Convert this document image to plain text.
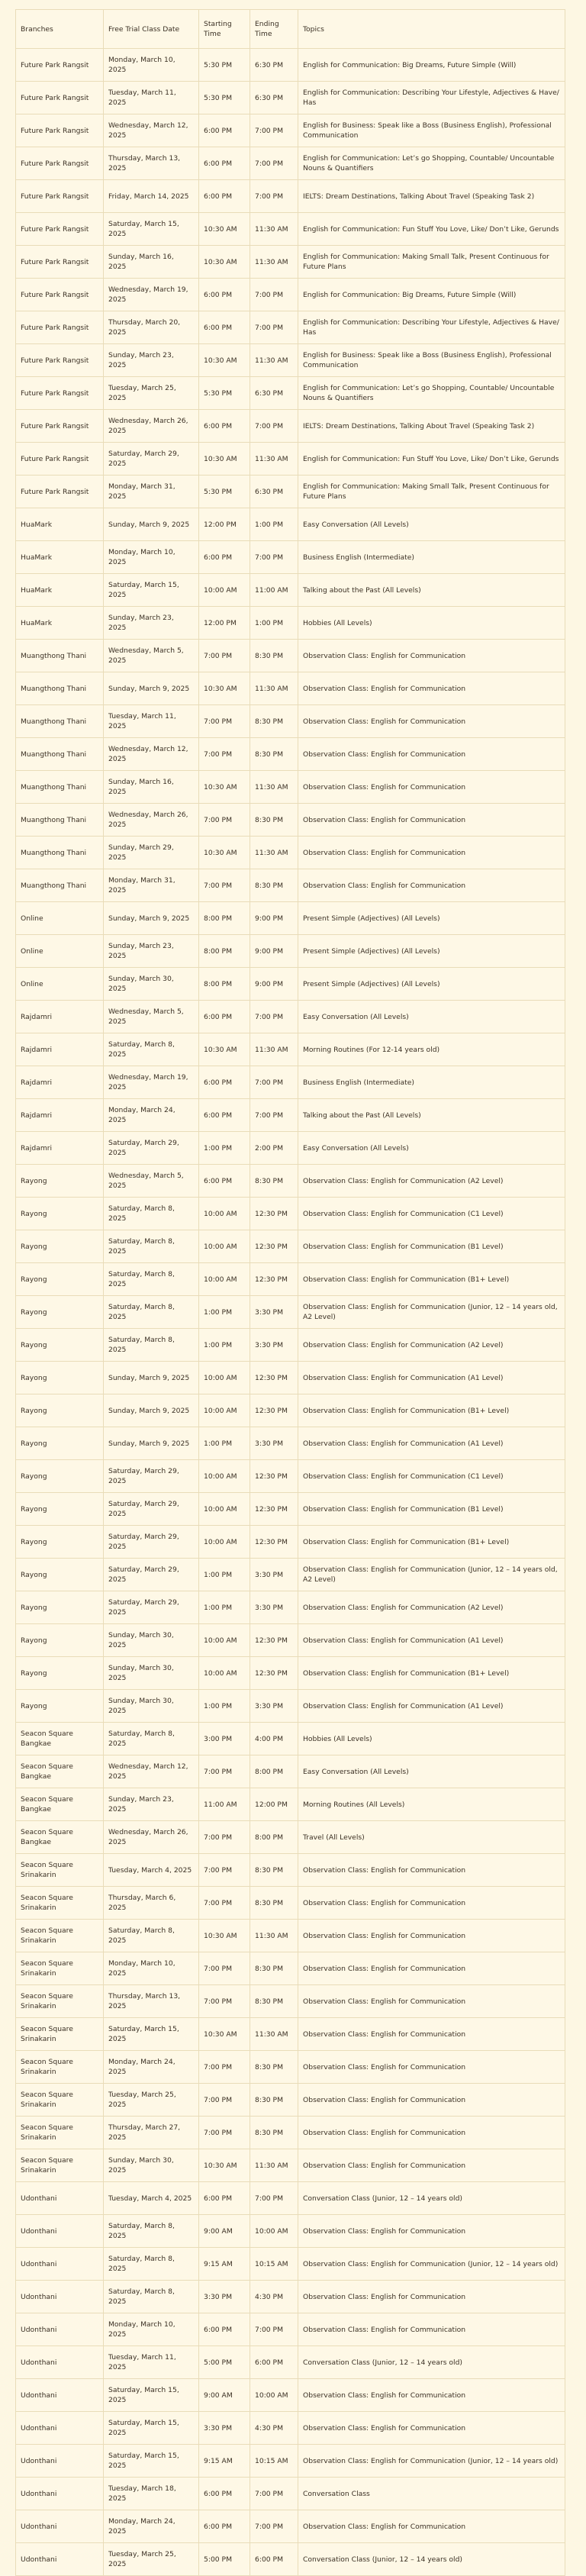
Branches	Free Trial Class Date	Starting Time	Ending Time	Topics
Future Park Rangsit	Monday, March 10, 2025	5:30 PM	6:30 PM	English for Communication: Big Dreams, Future Simple (Will)
Future Park Rangsit	Tuesday, March 11, 2025	5:30 PM	6:30 PM	English for Communication: Describing Your Lifestyle, Adjectives & Have/ Has
Future Park Rangsit	Wednesday, March 12, 2025	6:00 PM	7:00 PM	English for Business: Speak like a Boss (Business English), Professional Communication
Future Park Rangsit	Thursday, March 13, 2025	6:00 PM	7:00 PM	English for Communication: Let’s go Shopping, Countable/ Uncountable Nouns & Quantifiers
Future Park Rangsit	Friday, March 14, 2025	6:00 PM	7:00 PM	IELTS: Dream Destinations, Talking About Travel (Speaking Task 2)
Future Park Rangsit	Saturday, March 15, 2025	10:30 AM	11:30 AM	English for Communication: Fun Stuff You Love, Like/ Don’t Like, Gerunds
Future Park Rangsit	Sunday, March 16, 2025	10:30 AM	11:30 AM	English for Communication: Making Small Talk, Present Continuous for Future Plans
Future Park Rangsit	Wednesday, March 19, 2025	6:00 PM	7:00 PM	English for Communication: Big Dreams, Future Simple (Will)
Future Park Rangsit	Thursday, March 20, 2025	6:00 PM	7:00 PM	English for Communication: Describing Your Lifestyle, Adjectives & Have/ Has
Future Park Rangsit	Sunday, March 23, 2025	10:30 AM	11:30 AM	English for Business: Speak like a Boss (Business English), Professional Communication
Future Park Rangsit	Tuesday, March 25, 2025	5:30 PM	6:30 PM	English for Communication: Let’s go Shopping, Countable/ Uncountable Nouns & Quantifiers
Future Park Rangsit	Wednesday, March 26, 2025	6:00 PM	7:00 PM	IELTS: Dream Destinations, Talking About Travel (Speaking Task 2)
Future Park Rangsit	Saturday, March 29, 2025	10:30 AM	11:30 AM	English for Communication: Fun Stuff You Love, Like/ Don’t Like, Gerunds
Future Park Rangsit	Monday, March 31, 2025	5:30 PM	6:30 PM	English for Communication: Making Small Talk, Present Continuous for Future Plans
HuaMark	Sunday, March 9, 2025	12:00 PM	1:00 PM	Easy Conversation (All Levels)
HuaMark	Monday, March 10, 2025	6:00 PM	7:00 PM	Business English (Intermediate)
HuaMark	Saturday, March 15, 2025	10:00 AM	11:00 AM	Talking about the Past (All Levels)
HuaMark	Sunday, March 23, 2025	12:00 PM	1:00 PM	Hobbies (All Levels)
Muangthong Thani	Wednesday, March 5, 2025	7:00 PM	8:30 PM	Observation Class: English for Communication
Muangthong Thani	Sunday, March 9, 2025	10:30 AM	11:30 AM	Observation Class: English for Communication
Muangthong Thani	Tuesday, March 11, 2025	7:00 PM	8:30 PM	Observation Class: English for Communication
Muangthong Thani	Wednesday, March 12, 2025	7:00 PM	8:30 PM	Observation Class: English for Communication
Muangthong Thani	Sunday, March 16, 2025	10:30 AM	11:30 AM	Observation Class: English for Communication
Muangthong Thani	Wednesday, March 26, 2025	7:00 PM	8:30 PM	Observation Class: English for Communication
Muangthong Thani	Sunday, March 29, 2025	10:30 AM	11:30 AM	Observation Class: English for Communication
Muangthong Thani	Monday, March 31, 2025	7:00 PM	8:30 PM	Observation Class: English for Communication
Online	Sunday, March 9, 2025	8:00 PM	9:00 PM	Present Simple (Adjectives) (All Levels)
Online	Sunday, March 23, 2025	8:00 PM	9:00 PM	Present Simple (Adjectives) (All Levels)
Online	Sunday, March 30, 2025	8:00 PM	9:00 PM	Present Simple (Adjectives) (All Levels)
Rajdamri	Wednesday, March 5, 2025	6:00 PM	7:00 PM	Easy Conversation (All Levels)
Rajdamri	Saturday, March 8, 2025	10:30 AM	11:30 AM	Morning Routines (For 12-14 years old)
Rajdamri	Wednesday, March 19, 2025	6:00 PM	7:00 PM	Business English (Intermediate)
Rajdamri	Monday, March 24, 2025	6:00 PM	7:00 PM	Talking about the Past (All Levels)
Rajdamri	Saturday, March 29, 2025	1:00 PM	2:00 PM	Easy Conversation (All Levels)
Rayong	Wednesday, March 5, 2025	6:00 PM	8:30 PM	Observation Class: English for Communication (A2 Level)
Rayong	Saturday, March 8, 2025	10:00 AM	12:30 PM	Observation Class: English for Communication (C1 Level)
Rayong	Saturday, March 8, 2025	10:00 AM	12:30 PM	Observation Class: English for Communication (B1 Level)
Rayong	Saturday, March 8, 2025	10:00 AM	12:30 PM	Observation Class: English for Communication (B1+ Level)
Rayong	Saturday, March 8, 2025	1:00 PM	3:30 PM	Observation Class: English for Communication (Junior, 12 – 14 years old, A2 Level)
Rayong	Saturday, March 8, 2025	1:00 PM	3:30 PM	Observation Class: English for Communication (A2 Level)
Rayong	Sunday, March 9, 2025	10:00 AM	12:30 PM	Observation Class: English for Communication (A1 Level)
Rayong	Sunday, March 9, 2025	10:00 AM	12:30 PM	Observation Class: English for Communication (B1+ Level)
Rayong	Sunday, March 9, 2025	1:00 PM	3:30 PM	Observation Class: English for Communication (A1 Level)
Rayong	Saturday, March 29, 2025	10:00 AM	12:30 PM	Observation Class: English for Communication (C1 Level)
Rayong	Saturday, March 29, 2025	10:00 AM	12:30 PM	Observation Class: English for Communication (B1 Level)
Rayong	Saturday, March 29, 2025	10:00 AM	12:30 PM	Observation Class: English for Communication (B1+ Level)
Rayong	Saturday, March 29, 2025	1:00 PM	3:30 PM	Observation Class: English for Communication (Junior, 12 – 14 years old, A2 Level)
Rayong	Saturday, March 29, 2025	1:00 PM	3:30 PM	Observation Class: English for Communication (A2 Level)
Rayong	Sunday, March 30, 2025	10:00 AM	12:30 PM	Observation Class: English for Communication (A1 Level)
Rayong	Sunday, March 30, 2025	10:00 AM	12:30 PM	Observation Class: English for Communication (B1+ Level)
Rayong	Sunday, March 30, 2025	1:00 PM	3:30 PM	Observation Class: English for Communication (A1 Level)
Seacon Square Bangkae	Saturday, March 8, 2025	3:00 PM	4:00 PM	Hobbies (All Levels)
Seacon Square Bangkae	Wednesday, March 12, 2025	7:00 PM	8:00 PM	Easy Conversation (All Levels)
Seacon Square Bangkae	Sunday, March 23, 2025	11:00 AM	12:00 PM	Morning Routines (All Levels)
Seacon Square Bangkae	Wednesday, March 26, 2025	7:00 PM	8:00 PM	Travel (All Levels)
Seacon Square Srinakarin	Tuesday, March 4, 2025	7:00 PM	8:30 PM	Observation Class: English for Communication
Seacon Square Srinakarin	Thursday, March 6, 2025	7:00 PM	8:30 PM	Observation Class: English for Communication
Seacon Square Srinakarin	Saturday, March 8, 2025	10:30 AM	11:30 AM	Observation Class: English for Communication
Seacon Square Srinakarin	Monday, March 10, 2025	7:00 PM	8:30 PM	Observation Class: English for Communication
Seacon Square Srinakarin	Thursday, March 13, 2025	7:00 PM	8:30 PM	Observation Class: English for Communication
Seacon Square Srinakarin	Saturday, March 15, 2025	10:30 AM	11:30 AM	Observation Class: English for Communication
Seacon Square Srinakarin	Monday, March 24, 2025	7:00 PM	8:30 PM	Observation Class: English for Communication
Seacon Square Srinakarin	Tuesday, March 25, 2025	7:00 PM	8:30 PM	Observation Class: English for Communication
Seacon Square Srinakarin	Thursday, March 27, 2025	7:00 PM	8:30 PM	Observation Class: English for Communication
Seacon Square Srinakarin	Sunday, March 30, 2025	10:30 AM	11:30 AM	Observation Class: English for Communication
Udonthani	Tuesday, March 4, 2025	6:00 PM	7:00 PM	Conversation Class (Junior, 12 – 14 years old)
Udonthani	Saturday, March 8, 2025	9:00 AM	10:00 AM	Observation Class: English for Communication
Udonthani	Saturday, March 8, 2025	9:15 AM	10:15 AM	Observation Class: English for Communication (Junior, 12 – 14 years old)
Udonthani	Saturday, March 8, 2025	3:30 PM	4:30 PM	Observation Class: English for Communication
Udonthani	Monday, March 10, 2025	6:00 PM	7:00 PM	Observation Class: English for Communication
Udonthani	Tuesday, March 11, 2025	5:00 PM	6:00 PM	Conversation Class (Junior, 12 – 14 years old)
Udonthani	Saturday, March 15, 2025	9:00 AM	10:00 AM	Observation Class: English for Communication
Udonthani	Saturday, March 15, 2025	3:30 PM	4:30 PM	Observation Class: English for Communication
Udonthani	Saturday, March 15, 2025	9:15 AM	10:15 AM	Observation Class: English for Communication (Junior, 12 – 14 years old)
Udonthani	Tuesday, March 18, 2025	6:00 PM	7:00 PM	Conversation Class
Udonthani	Monday, March 24, 2025	6:00 PM	7:00 PM	Observation Class: English for Communication
Udonthani	Tuesday, March 25, 2025	5:00 PM	6:00 PM	Conversation Class (Junior, 12 – 14 years old)
